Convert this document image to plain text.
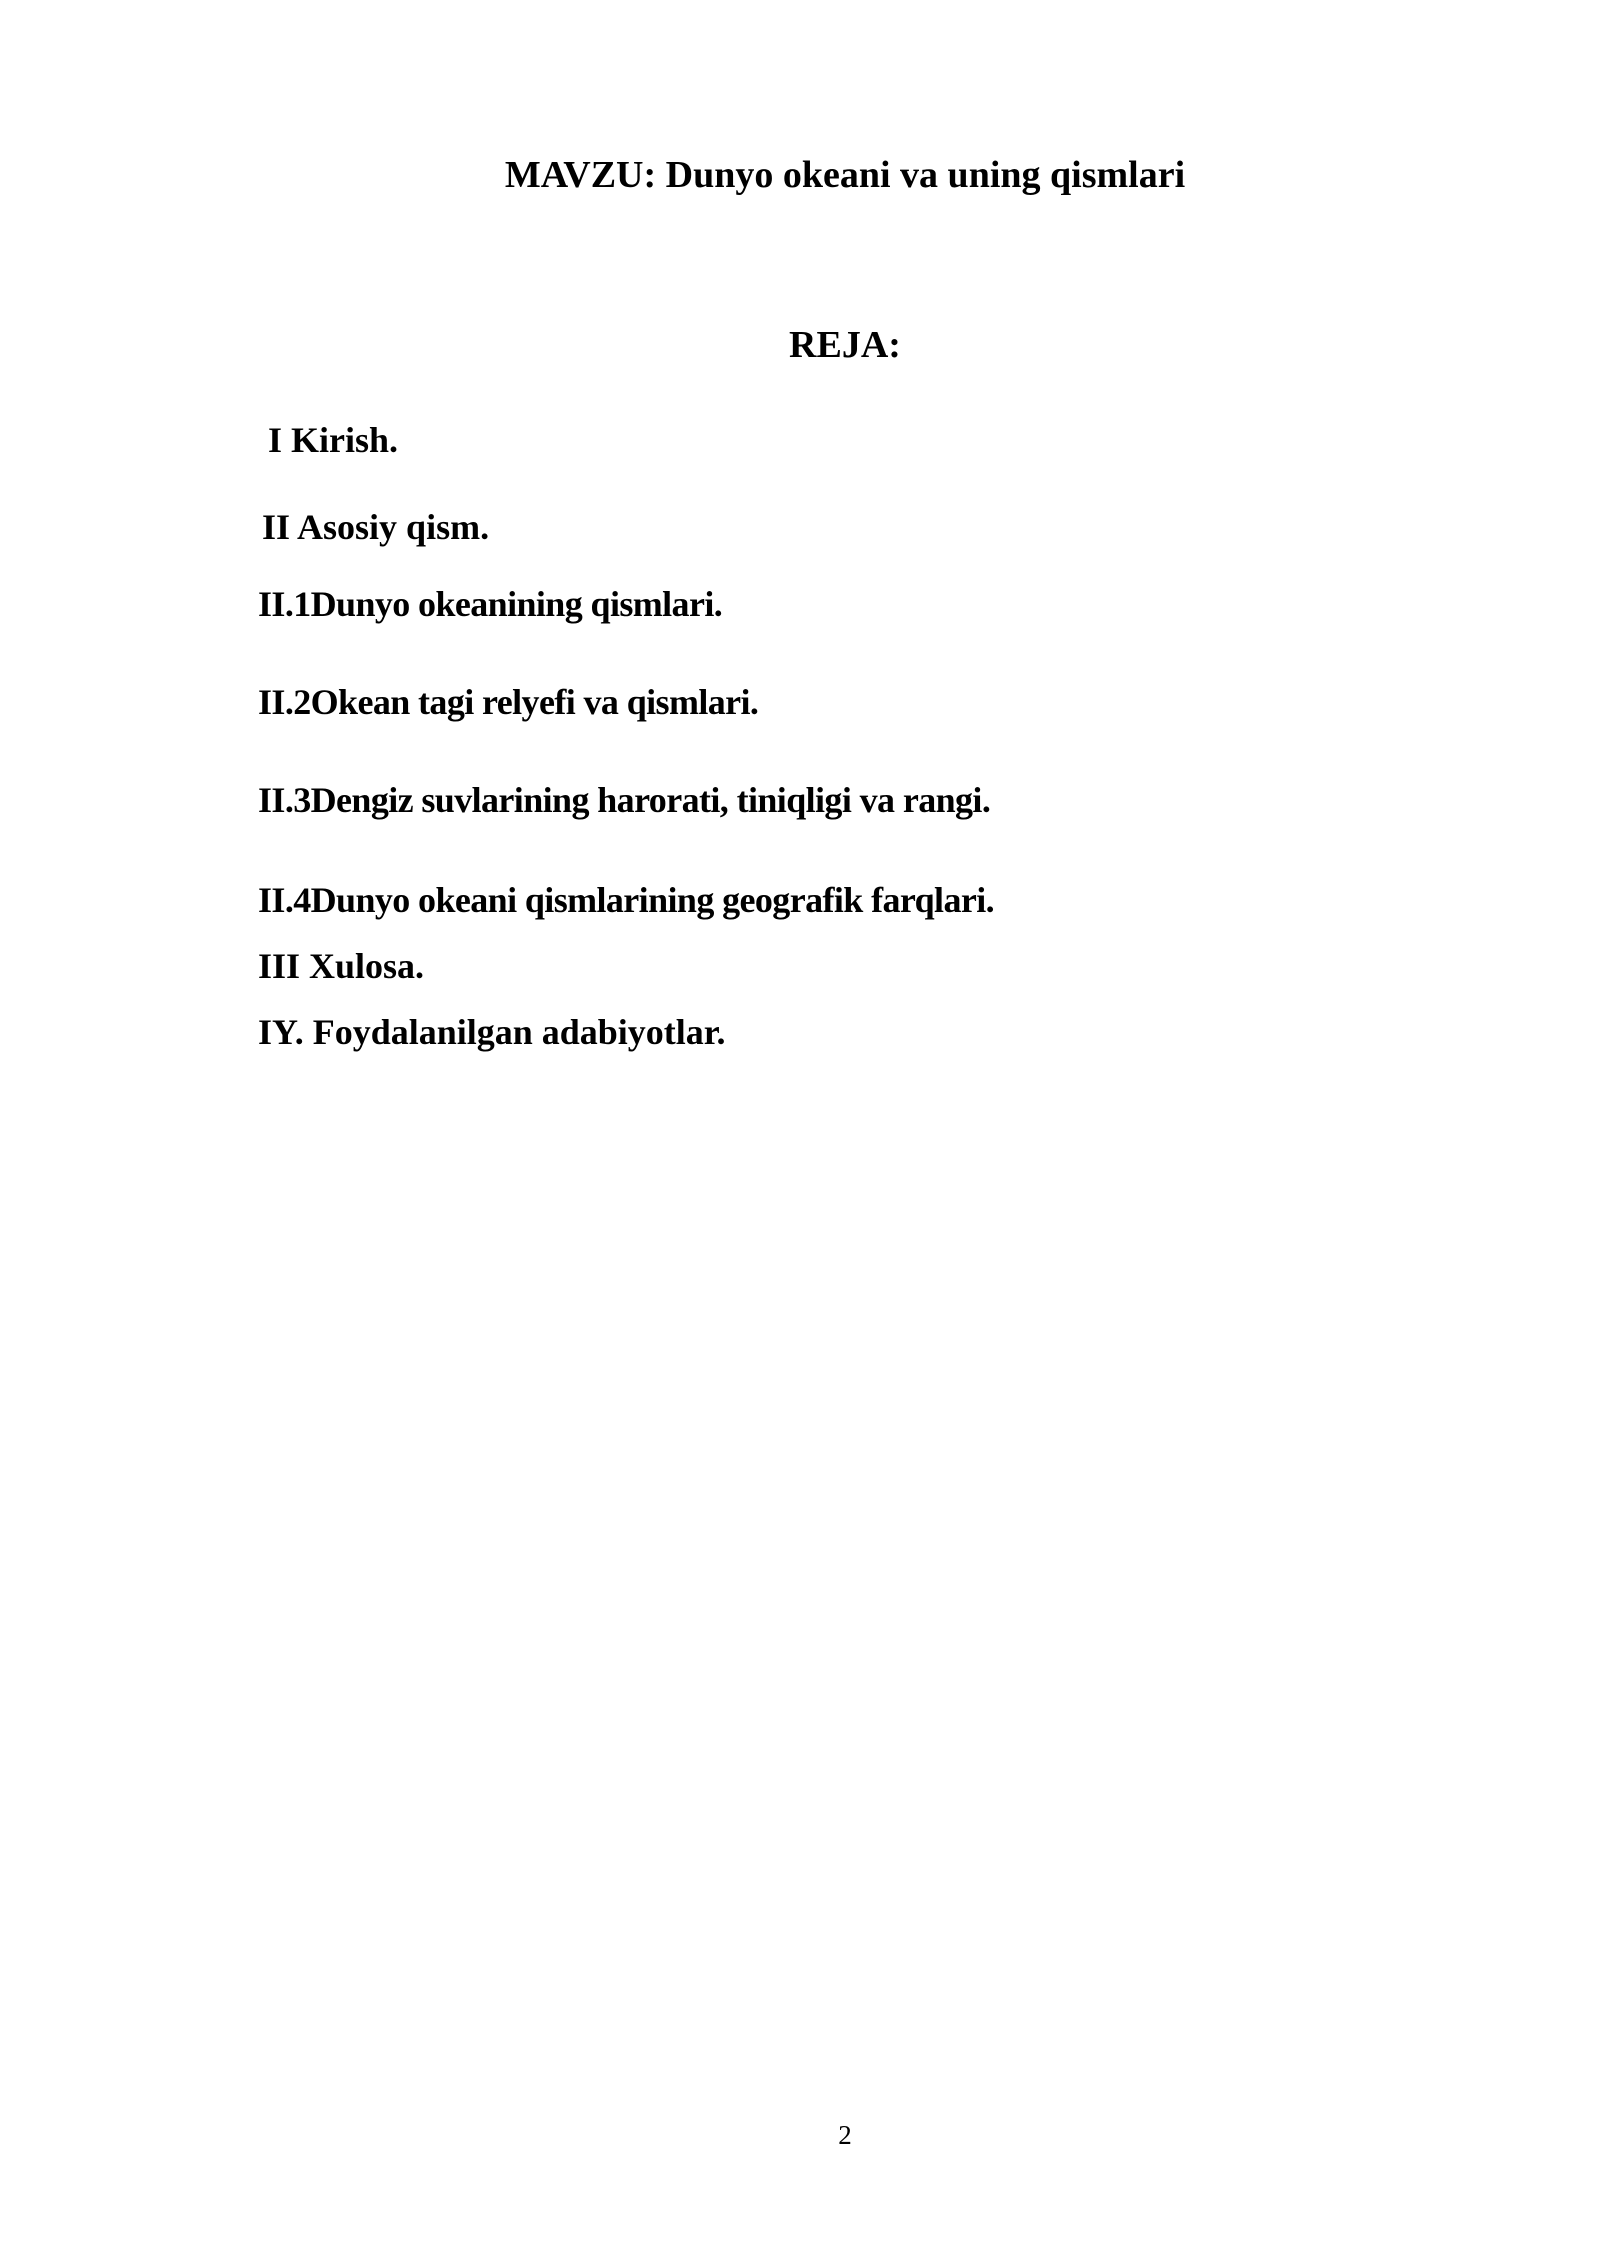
MAVZU: Dunyo okeani va uning qismlari
REJA:
I Kirish.
II Asosiy qism.
II.1Dunyo okeanining qismlari.
II.2Okean tagi relyefi va qismlari.
II.3Dengiz suvlarining harorati, tiniqligi va rangi.
II.4Dunyo okeani qismlarining geografik farqlari.
III Xulosa.
IY. Foydalanilgan adabiyotlar.
2
